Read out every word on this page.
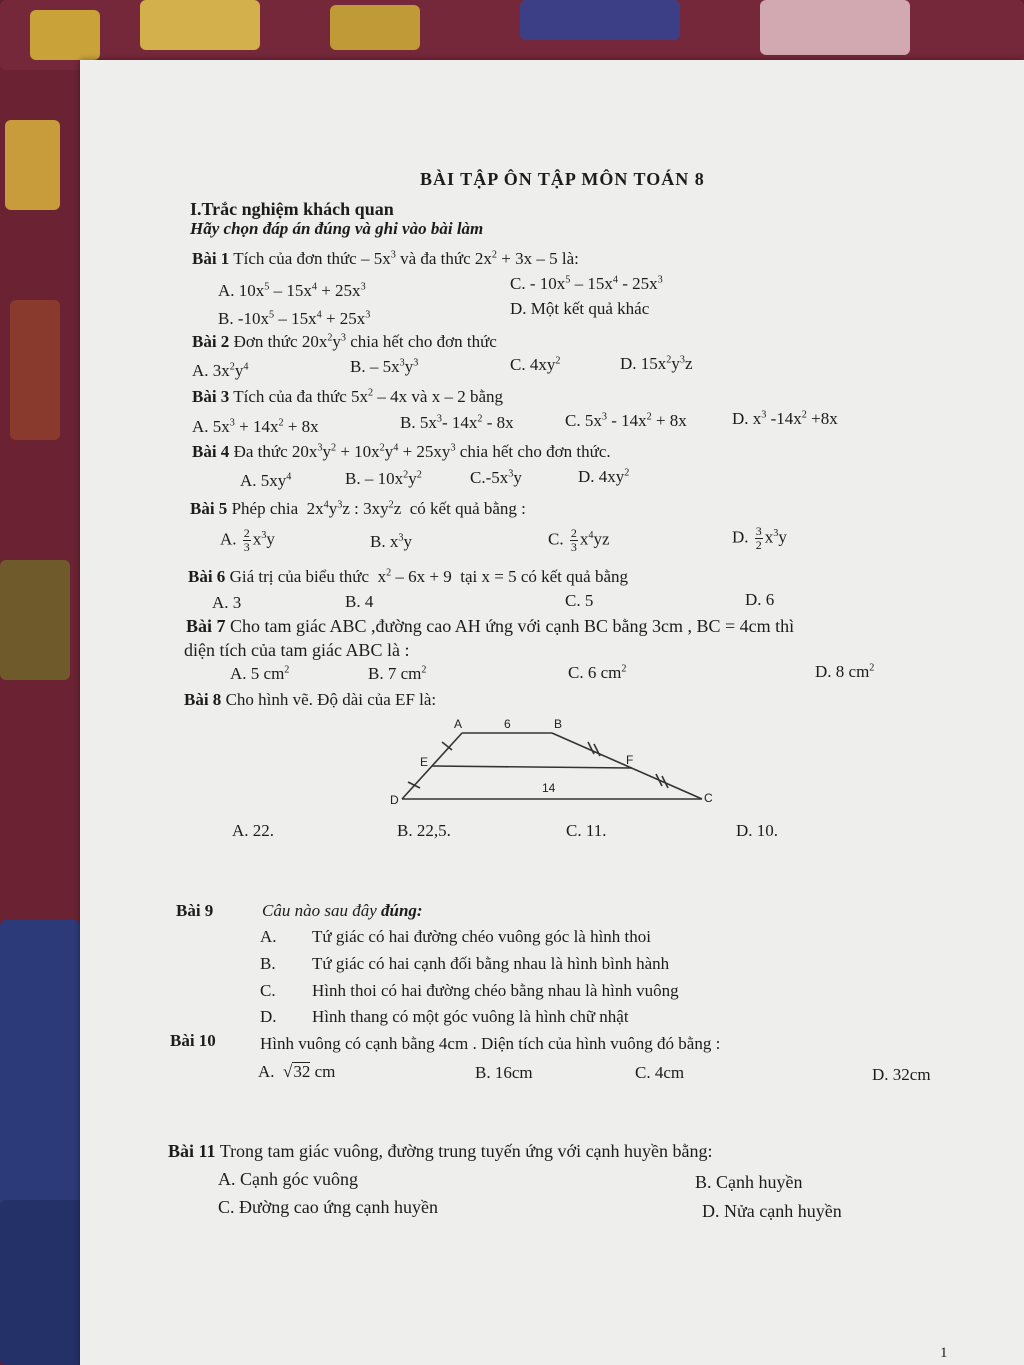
BÀI TẬP ÔN TẬP MÔN TOÁN 8
I.Trắc nghiệm khách quan
Hãy chọn đáp án đúng và ghi vào bài làm
Bài 1 Tích của đơn thức – $5x^3$ và đa thức $2x^2 + 3x - 5$ là:
A. $10x^5 - 15x^4 + 25x^3$	C. - $10x^5 - 15x^4 - 25x^3$
B. $-10x^5 - 15x^4 + 25x^3$	D. Một kết quả khác
Bài 2 Đơn thức $20x^2y^3$ chia hết cho đơn thức
A. $3x^2y^4$	B. – $5x^3y^3$	C. $4xy^2$	D. $15x^2y^3z$
Bài 3 Tích của đa thức $5x^2 - 4x$ và x – 2 bằng
A. $5x^3 + 14x^2 + 8x$	B. $5x^3-$ $14x^2 - 8x$	C. $5x^3 - 14x^2 + 8x$	D. $x^3$ $-14x^2 +8x$
Bài 4 Đa thức $20x^3y^2 + 10x^2y^4 + 25xy^3$ chia hết cho đơn thức.
A. $5xy^4$	B. – $10x^2y^2$	$C.-5x^3y$	D. $4xy^2$
Bài 5 Phép chia  $2x^4y^3z$ : $3xy^2z$  có kết quả bằng :
A. $\frac{2}{3} x^3y$	B. $x^3y$	C. $\frac{2}{3} x^4yz$	D. $\frac{3}{2} x^3y$
Bài 6 Giá trị của biểu thức  $x^2 - 6x + 9$  tại x = 5 có kết quả bằng
A. 3	B. 4	C. 5	D. 6
Bài 7 Cho tam giác ABC ,đường cao AH ứng với cạnh BC bằng 3cm , BC = 4cm thì
diện tích của tam giác ABC là :
A. 5 $cm^2$	B. 7 $cm^2$	C. 6 $cm^2$	D. 8 $cm^2$
Bài 8 Cho hình vẽ. Độ dài của EF là:
A	B
E	F
D	C
6
14
A. 22.	B. 22,5.	C. 11.	D. 10.
Bài 9	Câu nào sau đây đúng:
A. Tứ giác có hai đường chéo vuông góc là hình thoi
B. Tứ giác có hai cạnh đối bằng nhau là hình bình hành
C. Hình thoi có hai đường chéo bằng nhau là hình vuông
D. Hình thang có một góc vuông là hình chữ nhật
Bài 10	Hình vuông có cạnh bằng 4cm . Diện tích của hình vuông đó bằng :
A.  √32 cm	B. 16cm	C. 4cm	D. 32cm
Bài 11 Trong tam giác vuông, đường trung tuyến ứng với cạnh huyền bằng:
A. Cạnh góc vuông	B. Cạnh huyền
C. Đường cao ứng cạnh huyền	D. Nửa cạnh huyền
1
